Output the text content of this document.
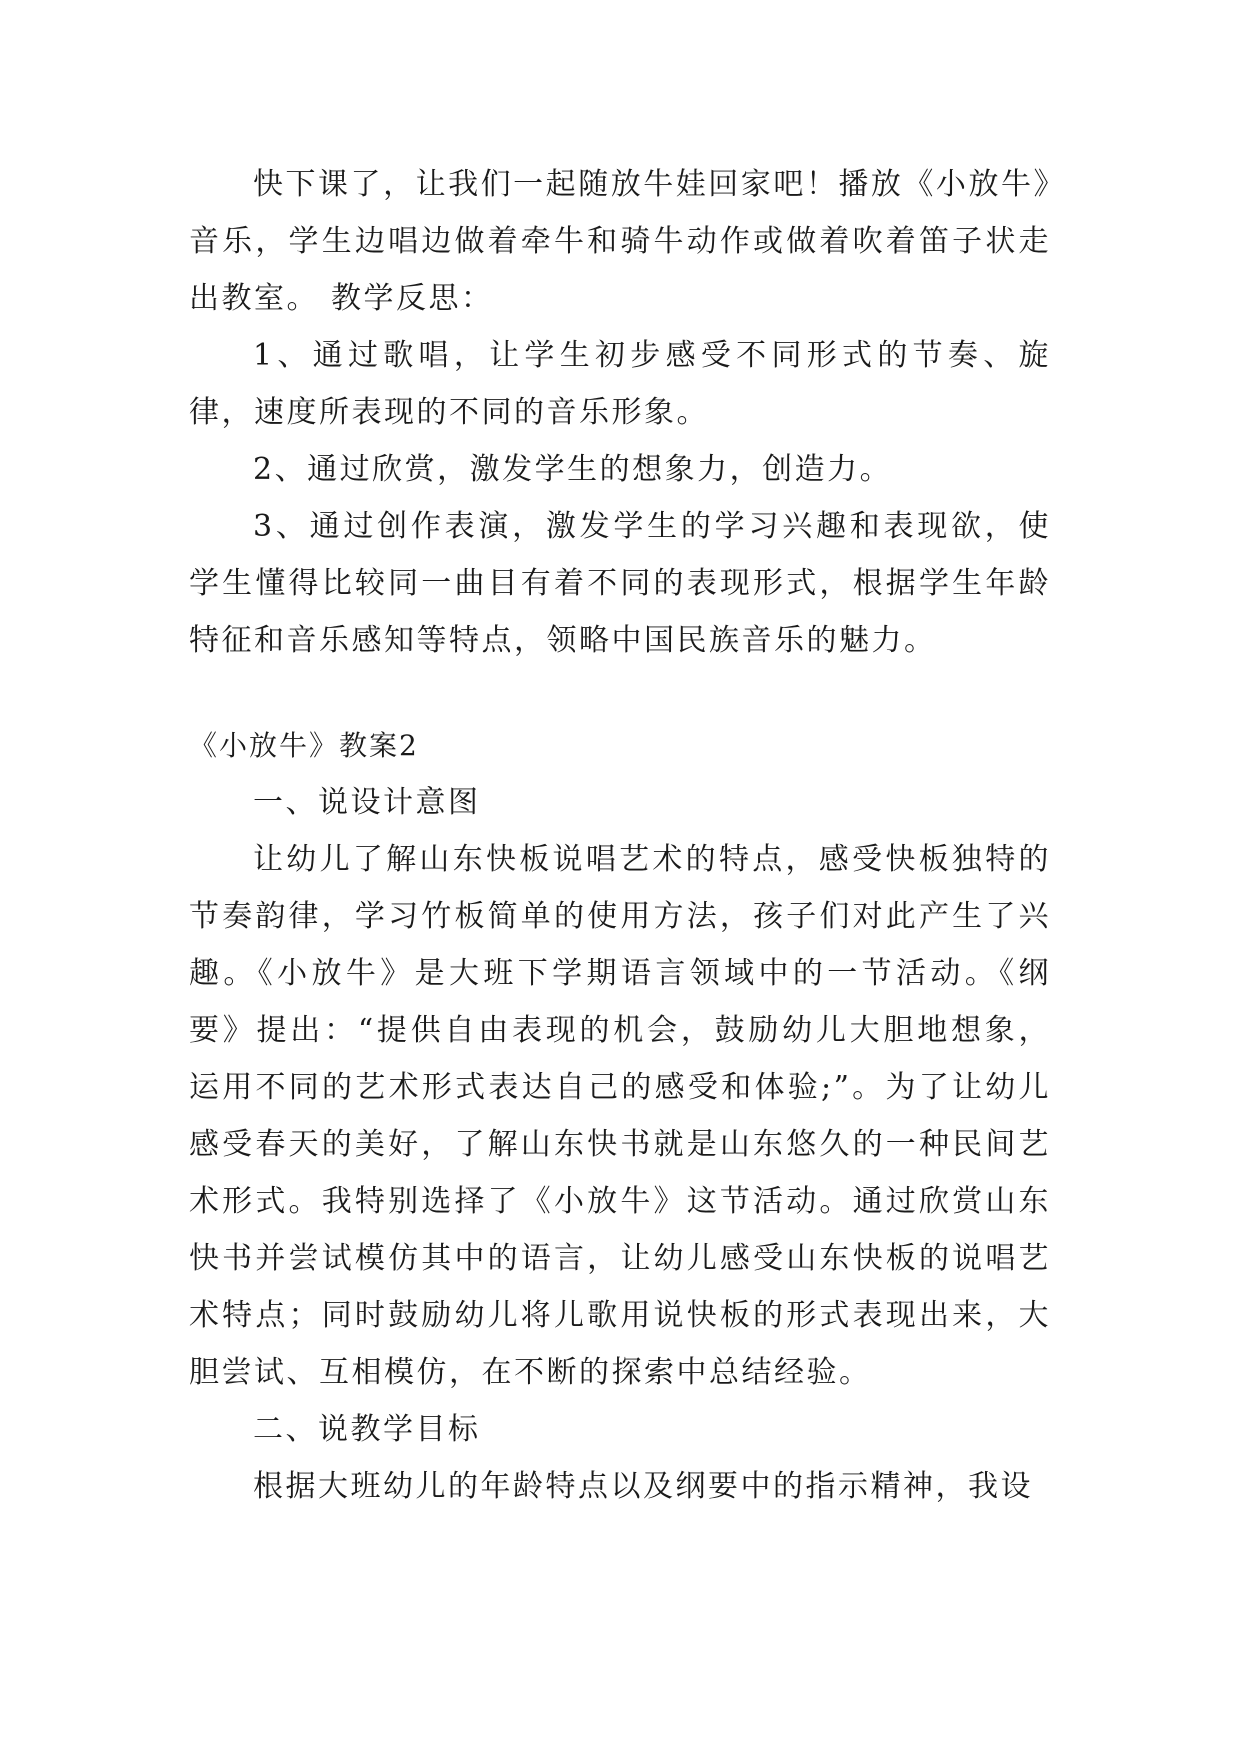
快下课了，让我们一起随放牛娃回家吧！播放《小放牛》音乐，学生边唱边做着牵牛和骑牛动作或做着吹着笛子状走出教室。 教学反思：

1、通过歌唱，让学生初步感受不同形式的节奏、旋律，速度所表现的不同的音乐形象。

2、通过欣赏，激发学生的想象力，创造力。

3、通过创作表演，激发学生的学习兴趣和表现欲，使学生懂得比较同一曲目有着不同的表现形式，根据学生年龄特征和音乐感知等特点，领略中国民族音乐的魅力。

《小放牛》教案2

一、说设计意图

让幼儿了解山东快板说唱艺术的特点，感受快板独特的节奏韵律，学习竹板简单的使用方法，孩子们对此产生了兴趣。《小放牛》是大班下学期语言领域中的一节活动。《纲要》提出：“提供自由表现的机会，鼓励幼儿大胆地想象，运用不同的艺术形式表达自己的感受和体验;”。为了让幼儿感受春天的美好，了解山东快书就是山东悠久的一种民间艺术形式。我特别选择了《小放牛》这节活动。通过欣赏山东快书并尝试模仿其中的语言，让幼儿感受山东快板的说唱艺术特点；同时鼓励幼儿将儿歌用说快板的形式表现出来，大胆尝试、互相模仿，在不断的探索中总结经验。

二、说教学目标

根据大班幼儿的年龄特点以及纲要中的指示精神，我设
